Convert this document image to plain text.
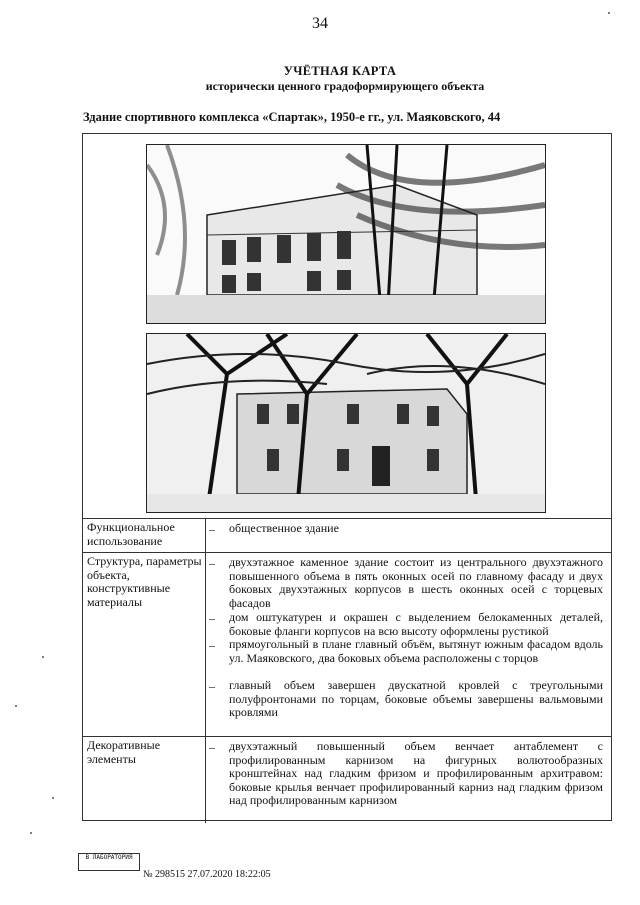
34
УЧЁТНАЯ КАРТА
исторически ценного градоформирующего объекта
Здание спортивного комплекса «Спартак», 1950-е гг., ул. Маяковского, 44
Функциональное использование
– общественное здание
Структура, параметры объекта, конструктивные материалы
– двухэтажное каменное здание состоит из центрального двухэтажного повышенного объема в пять оконных осей по главному фасаду и двух боковых двухэтажных корпусов в шесть оконных осей с торцевых фасадов
– дом оштукатурен и окрашен с выделением белокаменных деталей, боковые фланги корпусов на всю высоту оформлены рустикой
– прямоугольный в плане главный объём, вытянут южным фасадом вдоль ул. Маяковского, два боковых объема расположены с торцов
– главный объем завершен двускатной кровлей с треугольными полуфронтонами по торцам, боковые объемы завершены вальмовыми кровлями
Декоративные элементы
– двухэтажный повышенный объем венчает антаблемент с профилированным карнизом на фигурных волютообразных кронштейнах над гладким фризом и профилированным архитравом: боковые крылья венчает профилированный карниз над гладким фризом над профилированным карнизом
В ЛАБОРАТОРИЯ
№ 298515 27.07.2020 18:22:05
